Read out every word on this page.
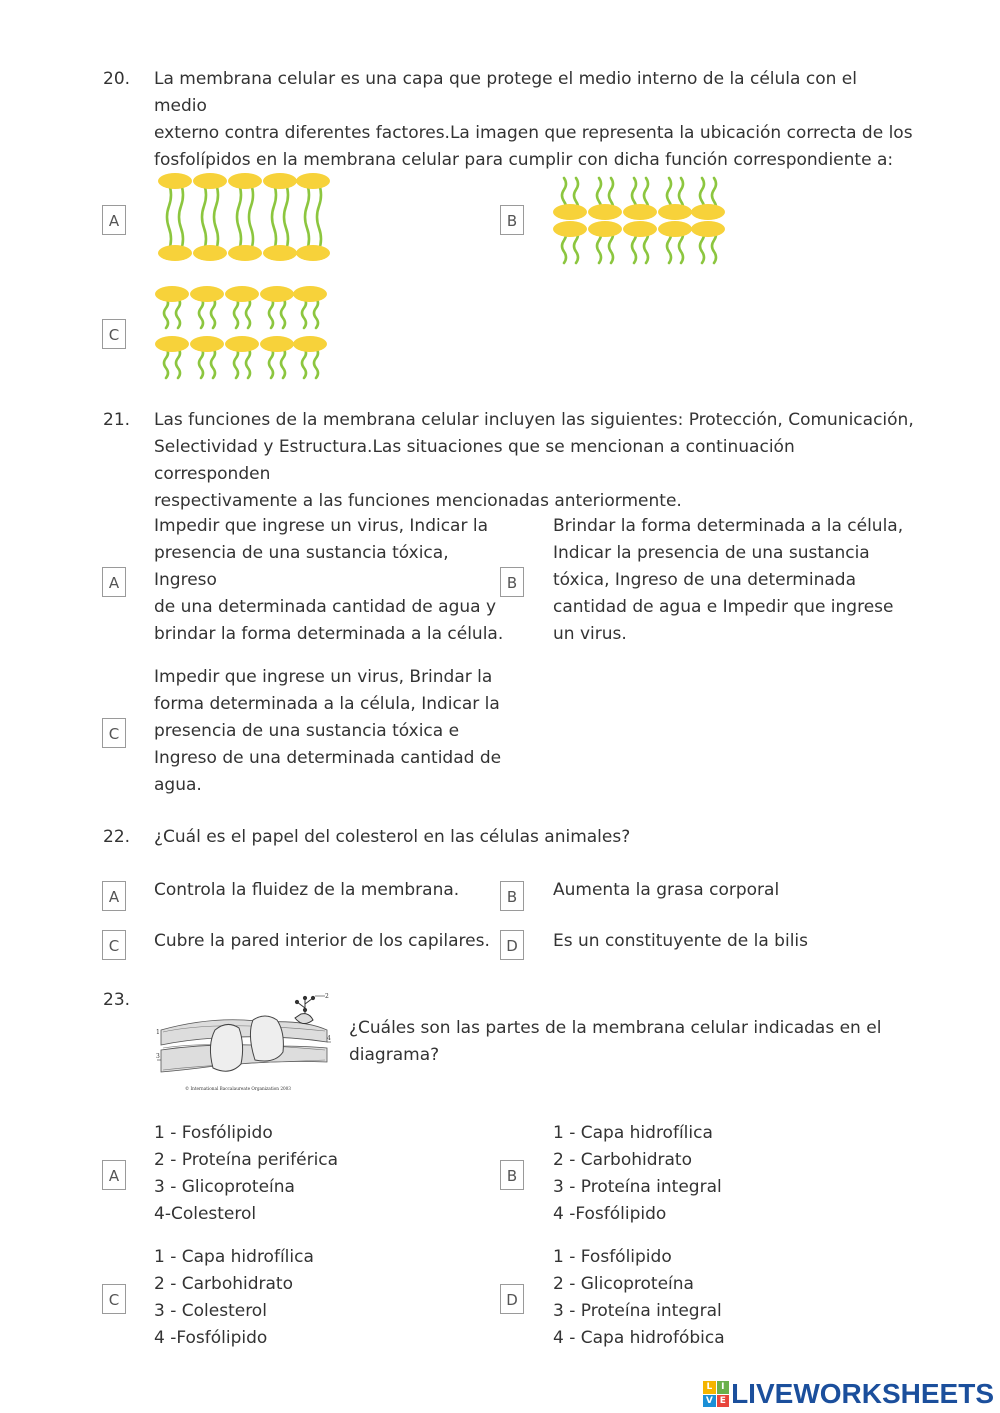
20. La membrana celular es una capa que protege el medio interno de la célula con el medio
externo contra diferentes factores.La imagen que representa la ubicación correcta de los
fosfolípidos en la membrana celular para cumplir con dicha función correspondiente a:
A	B
C
21. Las funciones de la membrana celular incluyen las siguientes: Protección, Comunicación,
Selectividad y Estructura.Las situaciones que se mencionan a continuación corresponden
respectivamente a las funciones mencionadas anteriormente.
A
Impedir que ingrese un virus, Indicar la
presencia de una sustancia tóxica, Ingreso
de una determinada cantidad de agua y
brindar la forma determinada a la célula.
B
Brindar la forma determinada a la célula,
Indicar la presencia de una sustancia
tóxica, Ingreso de una determinada
cantidad de agua e Impedir que ingrese
un virus.
C
Impedir que ingrese un virus, Brindar la
forma determinada a la célula, Indicar la
presencia de una sustancia tóxica e
Ingreso de una determinada cantidad de
agua.
22. ¿Cuál es el papel del colesterol en las células animales?
A	Controla la fluidez de la membrana.	B	Aumenta la grasa corporal
C	Cubre la pared interior de los capilares.	D	Es un constituyente de la bilis
23.	2
3
4
1
© International Baccalaureate Organization 2003
¿Cuáles son las partes de la membrana celular indicadas en el
diagrama?
A
1 - Fosfólipido
2 - Proteína periférica
3 - Glicoproteína
4-Colesterol
B
1 - Capa hidrofílica
2 - Carbohidrato
3 - Proteína integral
4 -Fosfólipido
C
1 - Capa hidrofílica
2 - Carbohidrato
3 - Colesterol
4 -Fosfólipido
D
1 - Fosfólipido
2 - Glicoproteína
3 - Proteína integral
4 - Capa hidrofóbica
L I
V E LIVEWORKSHEETS
